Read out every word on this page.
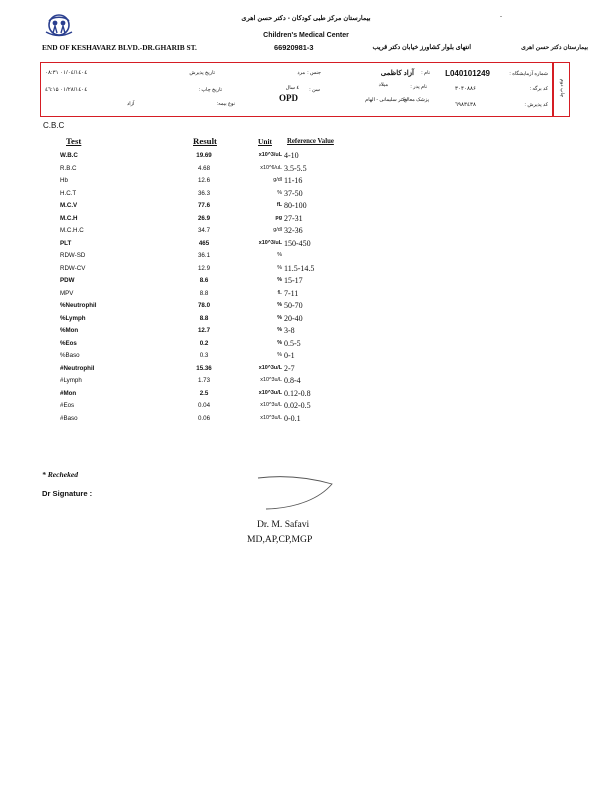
بیمارستان مرکز طبی کودکان - دکتر حسن اهری	-
Children's Medical Center
END OF KESHAVARZ BLVD.-DR.GHARIB ST.	66920981-3	انتهای بلوار کشاورز خیابان دکتر قریب	بیمارستان دکتر حسن اهری
شماره آزمایشگاه :
L040101249
نام :
آزاد کاظمی
جنس :
مرد
تاریخ پذیرش
۱٤۰٤/۰۱/۰٤ ۰۸:۳۱
کد برگه :
۳۰۴۰۸۸۶
نام پدر :
میلاد
سن :
٤ سال
تاریخ چاپ :
۱٤۰٤/۰۱/۲۸ ۱۵:٤٦
کد پذیرش :
٦٩٨٣٤٣٨
پزشک معالج:
دکتر سلیمانی - الهام
OPD
نوع بیمه:
آزاد
چاپ دوم
C.B.C
Test	Result	Unit Reference Value
W.B.C	19.69	x10^3/uL 4-10
R.B.C	4.68	x10^6/uL 3.5-5.5
Hb	12.6	g/dl 11-16
H.C.T	36.3	% 37-50
M.C.V	77.6	fL 80-100
M.C.H	26.9	pg 27-31
M.C.H.C	34.7	g/dl 32-36
PLT	465	x10^3/uL 150-450
RDW-SD	36.1	%
RDW-CV	12.9	% 11.5-14.5
PDW	8.6	% 15-17
MPV	8.8	fL 7-11
%Neutrophil	78.0	% 50-70
%Lymph	8.8	% 20-40
%Mon	12.7	% 3-8
%Eos	0.2	% 0.5-5
%Baso	0.3	% 0-1
#Neutrophil	15.36	x10^3u/L 2-7
#Lymph	1.73	x10^3u/L 0.8-4
#Mon	2.5	x10^3u/L 0.12-0.8
#Eos	0.04	x10^3u/L 0.02-0.5
#Baso	0.06	x10^3u/L 0-0.1
* Recheked
Dr Signature :
Dr. M. Safavi
MD,AP,CP,MGP
